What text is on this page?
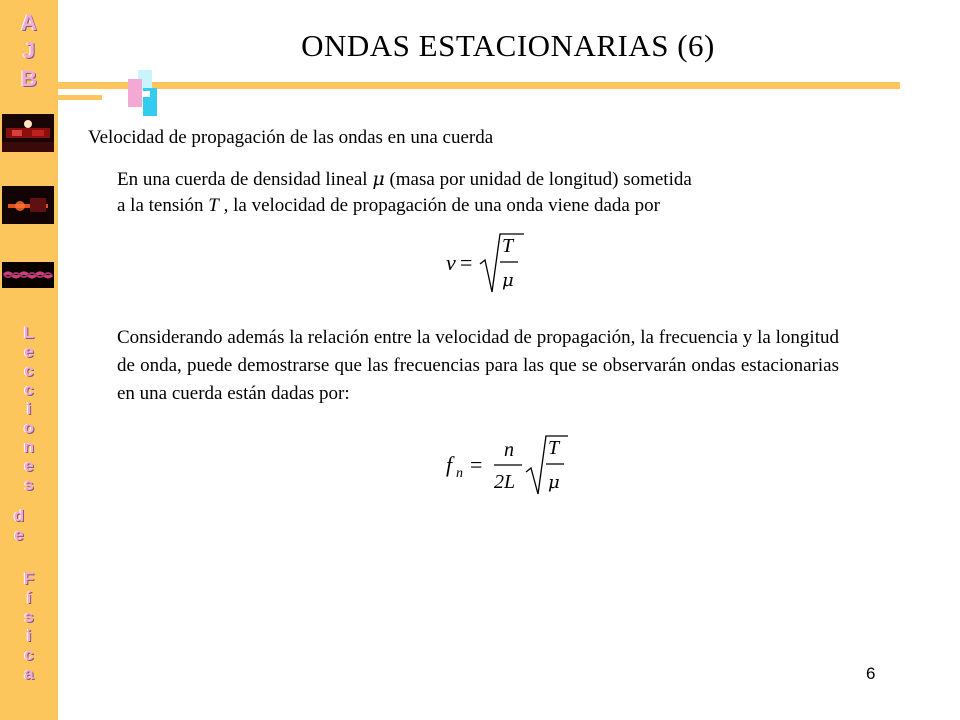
A
J
B
L
e
c
c
i
o
n
e
s
d
e
F
í
s
i
c
a
ONDAS ESTACIONARIAS (6)
Velocidad de propagación de las ondas en una cuerda
En una cuerda de densidad lineal μ (masa por unidad de longitud) sometida
a la tensión T , la velocidad de propagación de una onda viene dada por
v =
T
μ
Considerando además la relación entre la velocidad de propagación, la frecuencia y la longitud de onda, puede demostrarse que las frecuencias para las que se observarán ondas estacionarias en una cuerda están dadas por:
f n =
n
2L
T
μ
6
